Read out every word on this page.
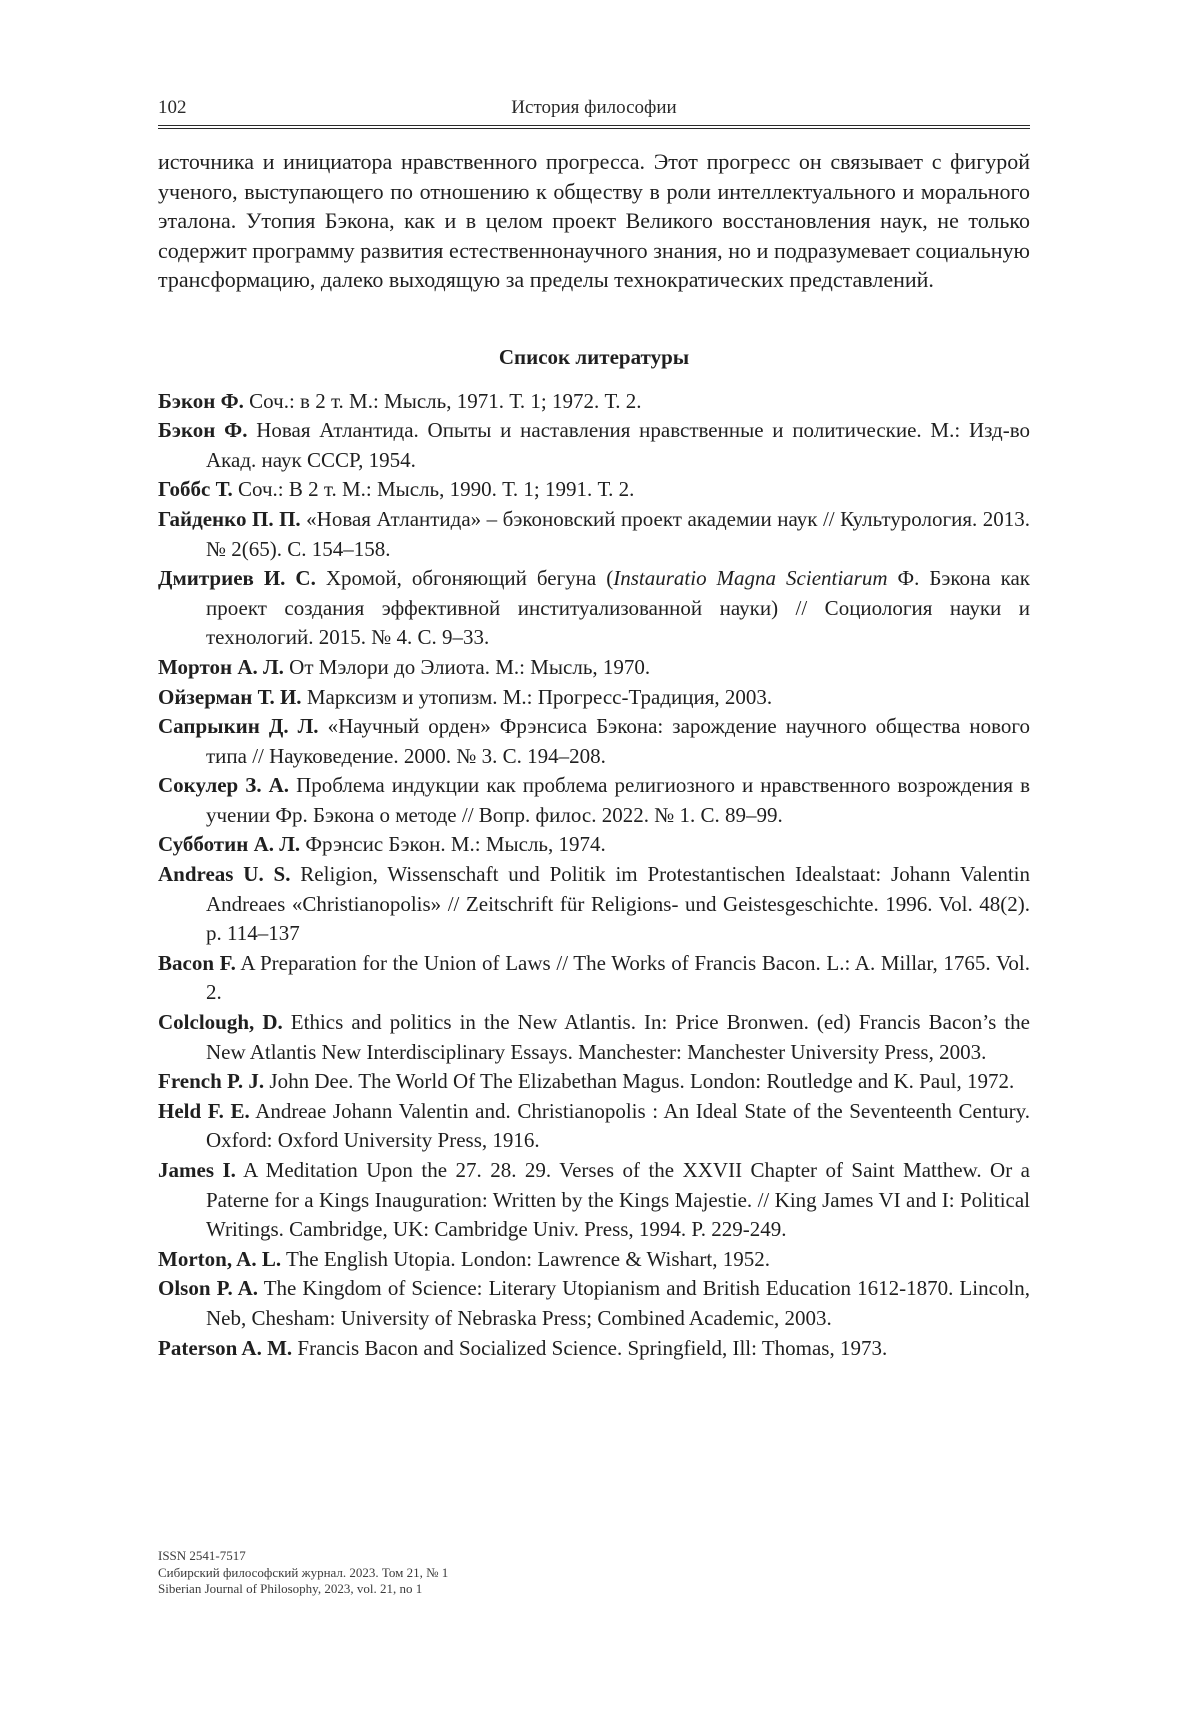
102	История философии

источника и инициатора нравственного прогресса. Этот прогресс он связывает с фигурой ученого, выступающего по отношению к обществу в роли интеллектуального и морального эталона. Утопия Бэкона, как и в целом проект Великого восстановления наук, не только содержит программу развития естественнонаучного знания, но и подразумевает социальную трансформацию, далеко выходящую за пределы технократических представлений.

Список литературы
Бэкон Ф. Соч.: в 2 т. М.: Мысль, 1971. Т. 1; 1972. Т. 2.
Бэкон Ф. Новая Атлантида. Опыты и наставления нравственные и политические. М.: Изд-во Акад. наук СССР, 1954.
Гоббс Т. Соч.: В 2 т. М.: Мысль, 1990. Т. 1; 1991. Т. 2.
Гайденко П. П. «Новая Атлантида» – бэконовский проект академии наук // Культурология. 2013. № 2(65). С. 154–158.
Дмитриев И. С. Хромой, обгоняющий бегуна (Instauratio Magna Scientiarum Ф. Бэкона как проект создания эффективной институализованной науки) // Социология науки и технологий. 2015. № 4. С. 9–33.
Мортон А. Л. От Мэлори до Элиота. М.: Мысль, 1970.
Ойзерман Т. И. Марксизм и утопизм. М.: Прогресс-Традиция, 2003.
Сапрыкин Д. Л. «Научный орден» Фрэнсиса Бэкона: зарождение научного общества нового типа // Науковедение. 2000. № 3. С. 194–208.
Сокулер З. А. Проблема индукции как проблема религиозного и нравственного возрождения в учении Фр. Бэкона о методе // Вопр. филос. 2022. № 1. С. 89–99.
Субботин А. Л. Фрэнсис Бэкон. М.: Мысль, 1974.
Andreas U. S. Religion, Wissenschaft und Politik im Protestantischen Idealstaat: Johann Valentin Andreaes «Christianopolis» // Zeitschrift für Religions- und Geistesgeschichte. 1996. Vol. 48(2). p. 114–137
Bacon F. A Preparation for the Union of Laws // The Works of Francis Bacon. L.: A. Millar, 1765. Vol. 2.
Colclough, D. Ethics and politics in the New Atlantis. In: Price Bronwen. (ed) Francis Bacon’s the New Atlantis New Interdisciplinary Essays. Manchester: Manchester University Press, 2003.
French P. J. John Dee. The World Of The Elizabethan Magus. London: Routledge and K. Paul, 1972.
Held F. E. Andreae Johann Valentin and. Christianopolis : An Ideal State of the Seventeenth Century. Oxford: Oxford University Press, 1916.
James I. A Meditation Upon the 27. 28. 29. Verses of the XXVII Chapter of Saint Matthew. Or a Paterne for a Kings Inauguration: Written by the Kings Majestie. // King James VI and I: Political Writings. Cambridge, UK: Cambridge Univ. Press, 1994. P. 229-249.
Morton, A. L. The English Utopia. London: Lawrence & Wishart, 1952.
Olson P. A. The Kingdom of Science: Literary Utopianism and British Education 1612-1870. Lincoln, Neb, Chesham: University of Nebraska Press; Combined Academic, 2003.
Paterson A. M. Francis Bacon and Socialized Science. Springfield, Ill: Thomas, 1973.
ISSN 2541-7517
Сибирский философский журнал. 2023. Том 21, № 1
Siberian Journal of Philosophy, 2023, vol. 21, no 1
